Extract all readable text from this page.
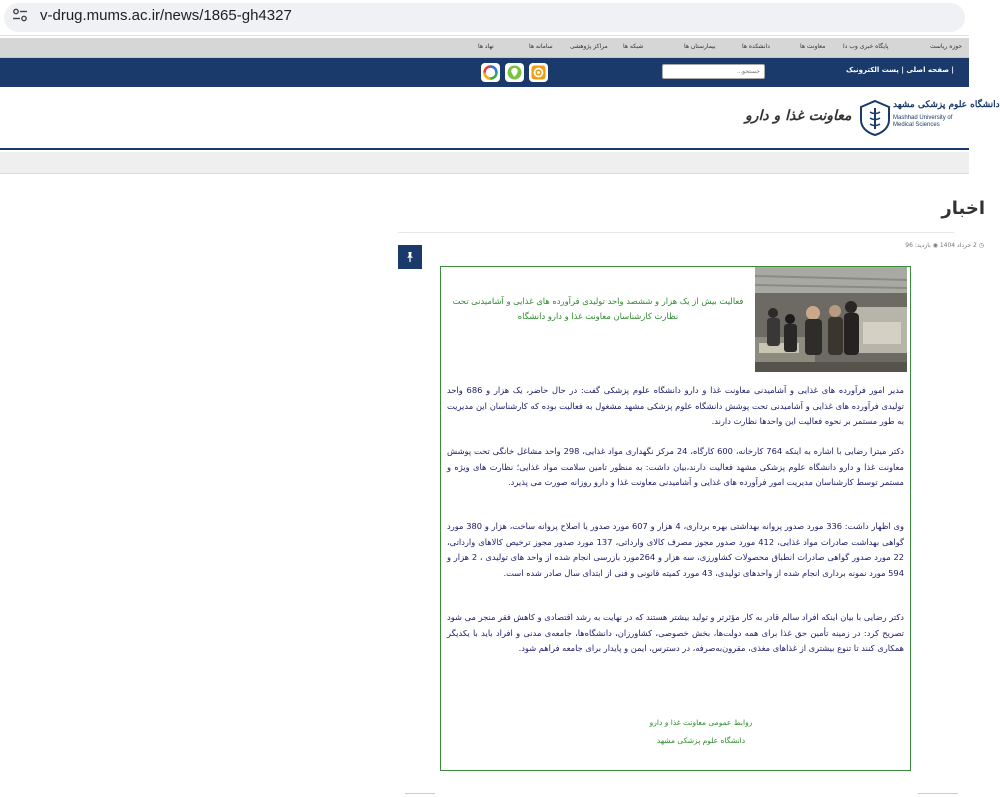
v-drug.mums.ac.ir/news/1865-gh4327
حوزه ریاست
پایگاه خبری وب دا
معاونت ها
دانشکده ها
بیمارستان ها
شبکه ها
مراکز پژوهشی
سامانه ها
نهاد ها
جستجو...
صفحه اصلی | پست الکترونیک |
معاونت غذا و دارو
دانشگاه علوم پزشکی مشهد
Mashhad University of Medical Sciences
اخبار
◷ 2 خرداد 1404 ◉ بازدید: 96
فعالیت بیش از یک هزار و ششصد واحد تولیدی فرآورده های غذایی و آشامیدنی تحت نظارت کارشناسان معاونت غذا و دارو دانشگاه

مدیر امور فرآورده های غذایی و آشامیدنی معاونت غذا و دارو دانشگاه علوم پزشکی گفت: در حال حاضر، یک هزار و 686 واحد تولیدی فرآورده های غذایی و آشامیدنی تحت پوشش دانشگاه علوم پزشکی مشهد مشغول به فعالیت بوده که کارشناسان این مدیریت به طور مستمر بر نحوه فعالیت این واحدها نظارت دارند.

دکتر میترا رضایی با اشاره به اینکه 764 کارخانه، 600 کارگاه، 24 مرکز نگهداری مواد غذایی، 298 واحد مشاغل خانگی تحت پوشش معاونت غذا و دارو دانشگاه علوم پزشکی مشهد فعالیت دارند،بیان داشت: به منظور تامین سلامت مواد غذایی؛ نظارت های ویژه و مستمر توسط کارشناسان مدیریت امور فرآورده های غذایی و آشامیدنی معاونت غذا و دارو روزانه صورت می پذیرد.

وی اظهار داشت: 336 مورد صدور پروانه بهداشتی بهره برداری، 4 هزار و 607 مورد صدور یا اصلاح پروانه ساخت، هزار و 380 مورد گواهی بهداشت صادرات مواد غذایی، 412 مورد صدور مجوز مصرف کالای وارداتی، 137 مورد صدور مجوز ترخیص کالاهای وارداتی، 22 مورد صدور گواهی صادرات انطباق محصولات کشاورزی، سه هزار و 264مورد بازرسی انجام شده از واحد های تولیدی ، 2 هزار و 594 مورد نمونه برداری انجام شده از واحدهای تولیدی، 43 مورد کمیته قانونی و فنی از ابتدای سال صادر شده است.

دکتر رضایی با بیان اینکه افراد سالم قادر به کار مؤثرتر و تولید بیشتر هستند که در نهایت به رشد اقتصادی و کاهش فقر منجر می شود تصریح کرد: در زمینه تأمین حق غذا برای همه دولت‌ها، بخش خصوصی، کشاورزان، دانشگاه‌ها، جامعه‌ی مدنی و افراد باید با یکدیگر همکاری کنند تا تنوع بیشتری از غذاهای مغذی، مقرون‌به‌صرفه، در دسترس، ایمن و پایدار برای جامعه فراهم شود.

روابط عمومی معاونت غذا و دارو
دانشگاه علوم پزشکی مشهد
